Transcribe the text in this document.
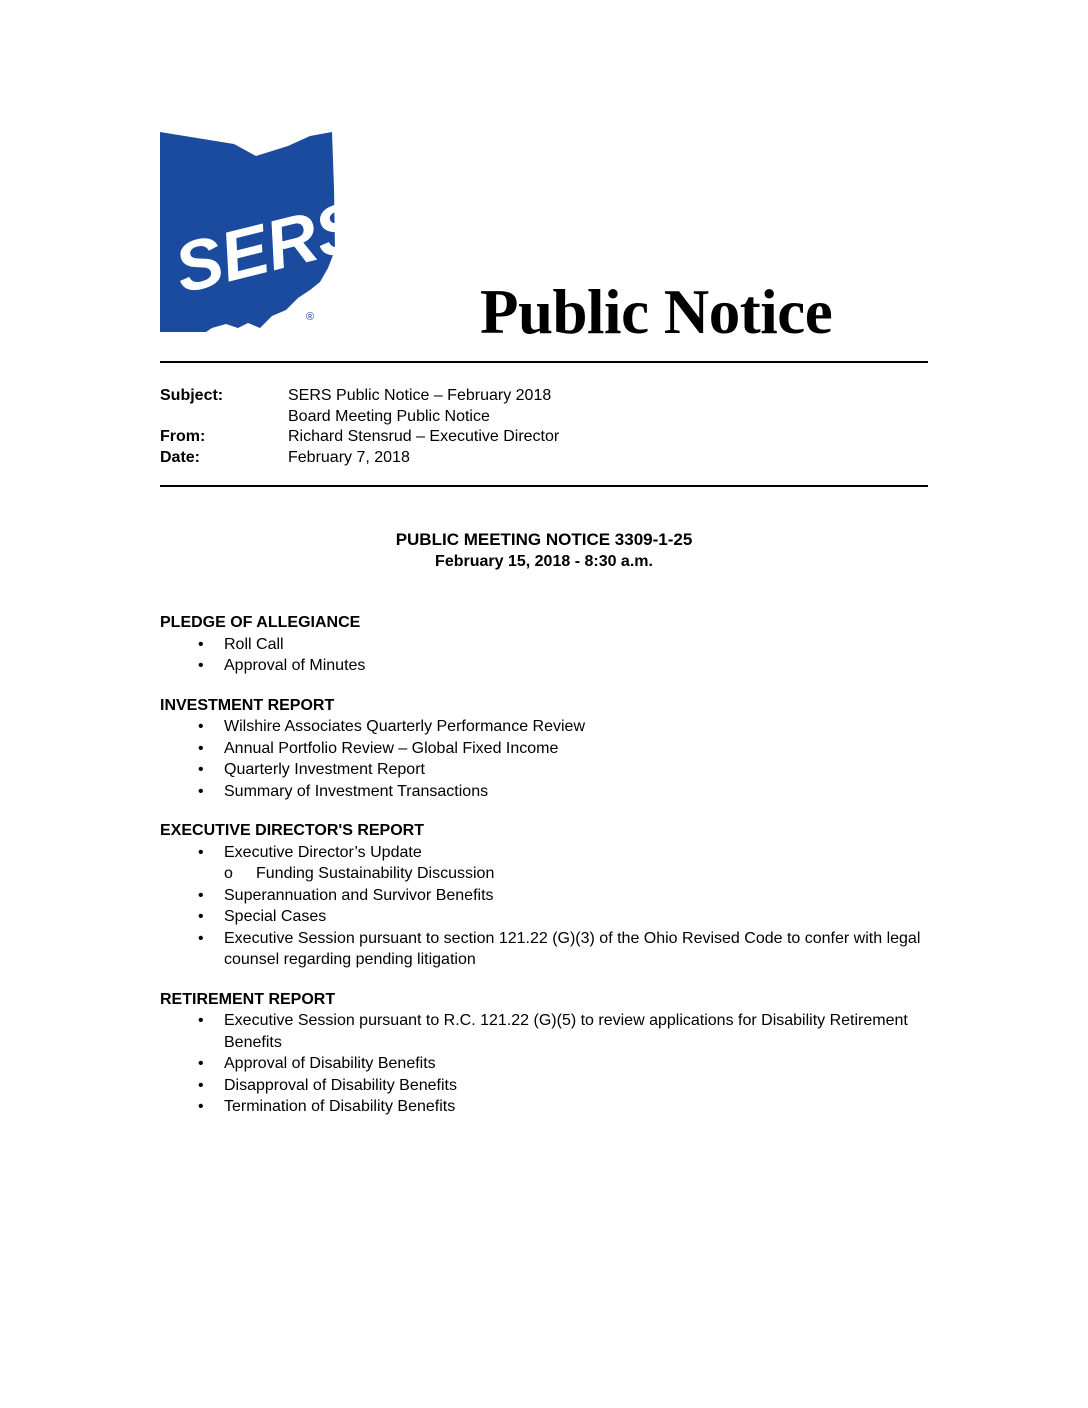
SERS
®	Public Notice
Subject:	SERS Public Notice – February 2018
Board Meeting Public Notice
From:	Richard Stensrud – Executive Director
Date:	February 7, 2018
PUBLIC MEETING NOTICE 3309-1-25
February 15, 2018 - 8:30 a.m.
PLEDGE OF ALLEGIANCE
• Roll Call
• Approval of Minutes
INVESTMENT REPORT
• Wilshire Associates Quarterly Performance Review
• Annual Portfolio Review – Global Fixed Income
• Quarterly Investment Report
• Summary of Investment Transactions
EXECUTIVE DIRECTOR'S REPORT
• Executive Director’s Update
o Funding Sustainability Discussion
• Superannuation and Survivor Benefits
• Special Cases
• Executive Session pursuant to section 121.22 (G)(3) of the Ohio Revised Code to confer with legal counsel regarding pending litigation
RETIREMENT REPORT
• Executive Session pursuant to R.C. 121.22 (G)(5) to review applications for Disability Retirement Benefits
• Approval of Disability Benefits
• Disapproval of Disability Benefits
• Termination of Disability Benefits
